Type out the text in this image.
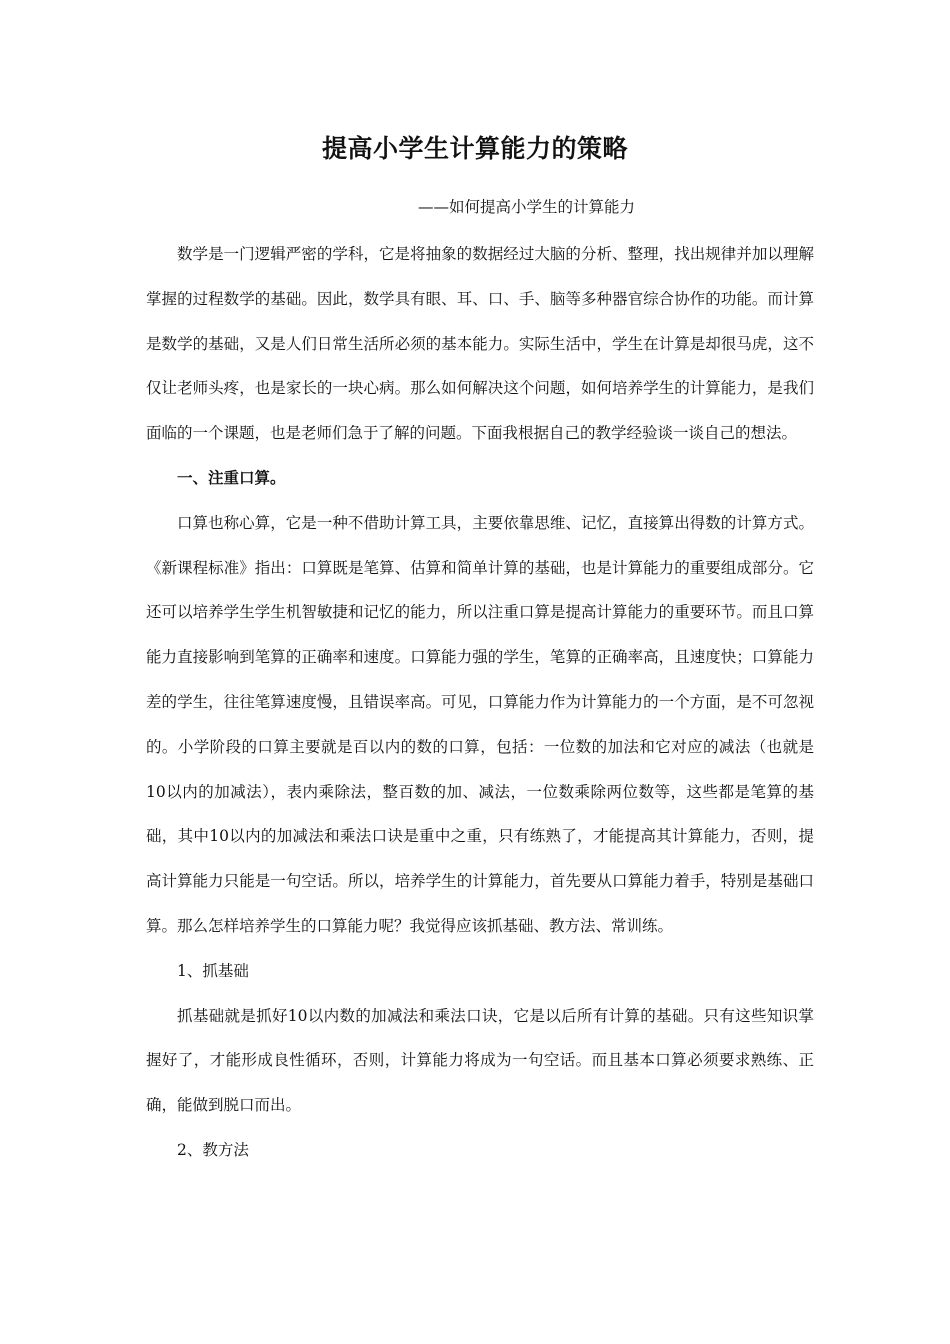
提高小学生计算能力的策略
——如何提高小学生的计算能力

数学是一门逻辑严密的学科，它是将抽象的数据经过大脑的分析、整理，找出规律并加以理解掌握的过程数学的基础。因此，数学具有眼、耳、口、手、脑等多种器官综合协作的功能。而计算是数学的基础，又是人们日常生活所必须的基本能力。实际生活中，学生在计算是却很马虎，这不仅让老师头疼，也是家长的一块心病。那么如何解决这个问题，如何培养学生的计算能力，是我们面临的一个课题，也是老师们急于了解的问题。下面我根据自己的教学经验谈一谈自己的想法。

一、注重口算。

口算也称心算，它是一种不借助计算工具，主要依靠思维、记忆，直接算出得数的计算方式。《新课程标准》指出：口算既是笔算、估算和简单计算的基础，也是计算能力的重要组成部分。它还可以培养学生学生机智敏捷和记忆的能力，所以注重口算是提高计算能力的重要环节。而且口算能力直接影响到笔算的正确率和速度。口算能力强的学生，笔算的正确率高，且速度快；口算能力差的学生，往往笔算速度慢，且错误率高。可见，口算能力作为计算能力的一个方面，是不可忽视的。小学阶段的口算主要就是百以内的数的口算，包括：一位数的加法和它对应的减法（也就是10以内的加减法），表内乘除法，整百数的加、减法，一位数乘除两位数等，这些都是笔算的基础，其中10以内的加减法和乘法口诀是重中之重，只有练熟了，才能提高其计算能力，否则，提高计算能力只能是一句空话。所以，培养学生的计算能力，首先要从口算能力着手，特别是基础口算。那么怎样培养学生的口算能力呢？我觉得应该抓基础、教方法、常训练。

1、抓基础

抓基础就是抓好10以内数的加减法和乘法口诀，它是以后所有计算的基础。只有这些知识掌握好了，才能形成良性循环，否则，计算能力将成为一句空话。而且基本口算必须要求熟练、正确，能做到脱口而出。

2、教方法
